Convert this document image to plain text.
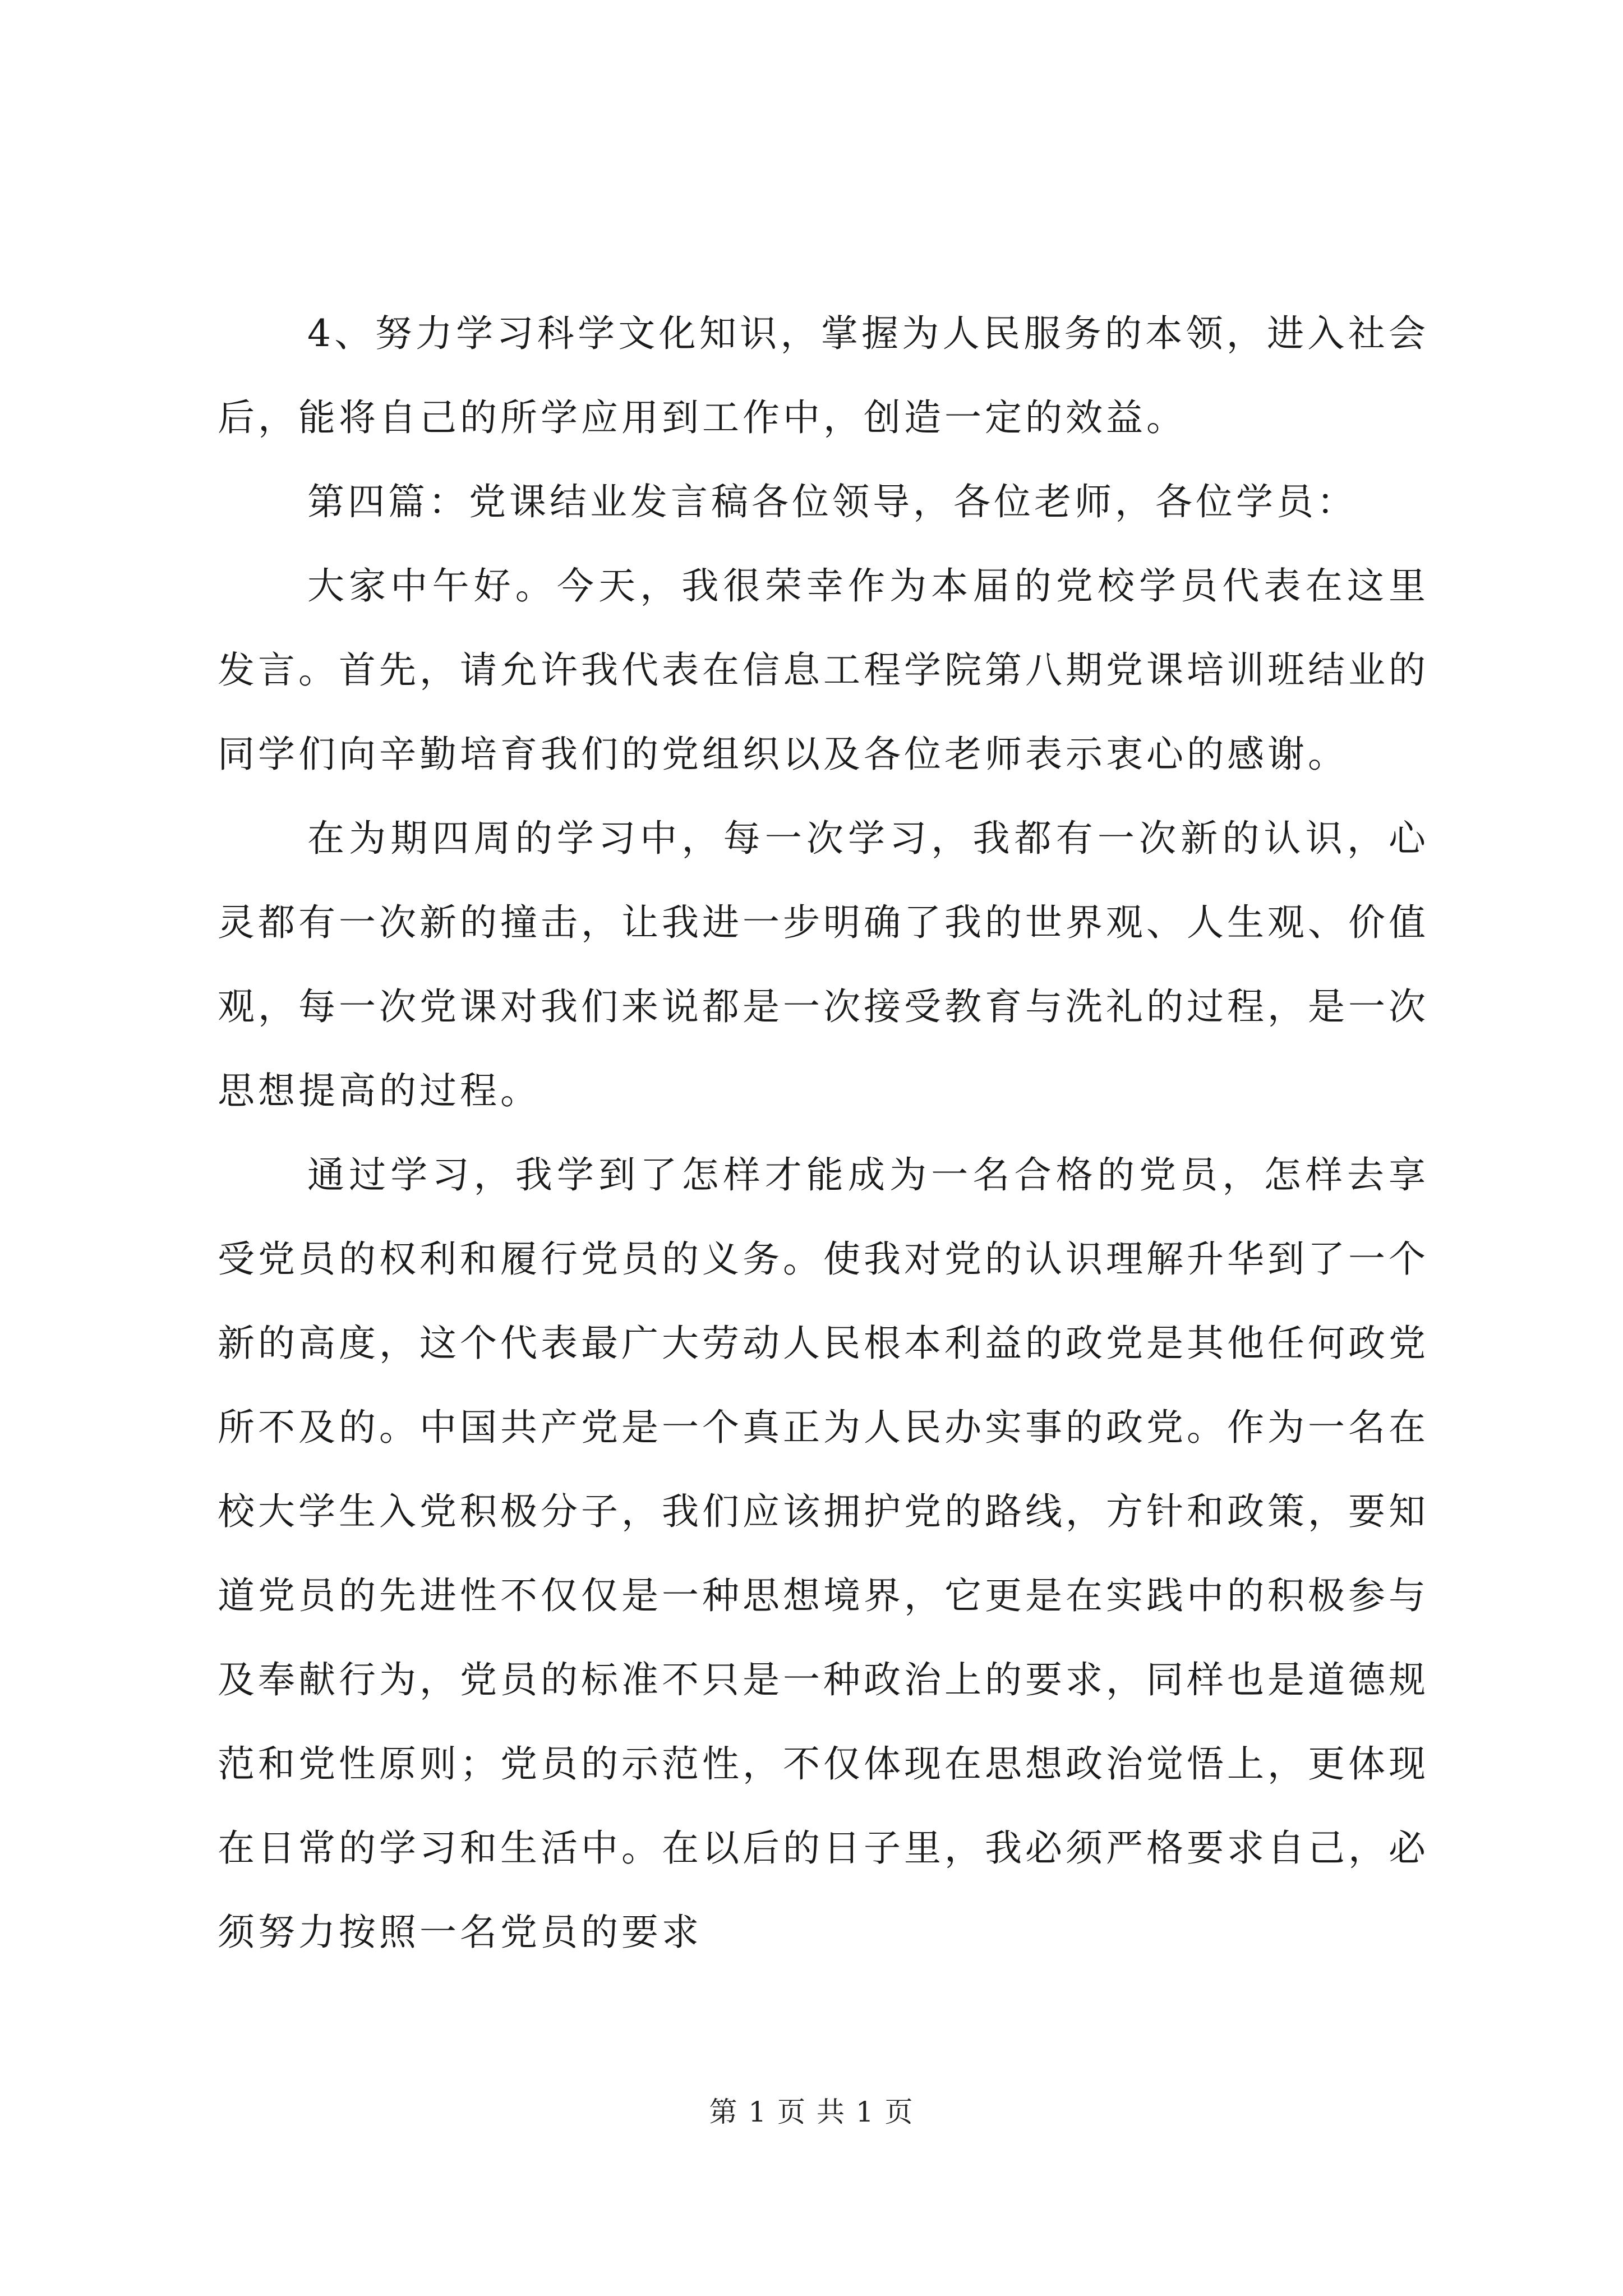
4、努力学习科学文化知识，掌握为人民服务的本领，进入社会后，能将自己的所学应用到工作中，创造一定的效益。

第四篇：党课结业发言稿各位领导，各位老师，各位学员：

大家中午好。今天，我很荣幸作为本届的党校学员代表在这里发言。首先，请允许我代表在信息工程学院第八期党课培训班结业的同学们向辛勤培育我们的党组织以及各位老师表示衷心的感谢。

在为期四周的学习中，每一次学习，我都有一次新的认识，心灵都有一次新的撞击，让我进一步明确了我的世界观、人生观、价值观，每一次党课对我们来说都是一次接受教育与洗礼的过程，是一次思想提高的过程。

通过学习，我学到了怎样才能成为一名合格的党员，怎样去享受党员的权利和履行党员的义务。使我对党的认识理解升华到了一个新的高度，这个代表最广大劳动人民根本利益的政党是其他任何政党所不及的。中国共产党是一个真正为人民办实事的政党。作为一名在校大学生入党积极分子，我们应该拥护党的路线，方针和政策，要知道党员的先进性不仅仅是一种思想境界，它更是在实践中的积极参与及奉献行为，党员的标准不只是一种政治上的要求，同样也是道德规范和党性原则；党员的示范性，不仅体现在思想政治觉悟上，更体现在日常的学习和生活中。在以后的日子里，我必须严格要求自己，必须努力按照一名党员的要求

第 1 页 共 1 页
